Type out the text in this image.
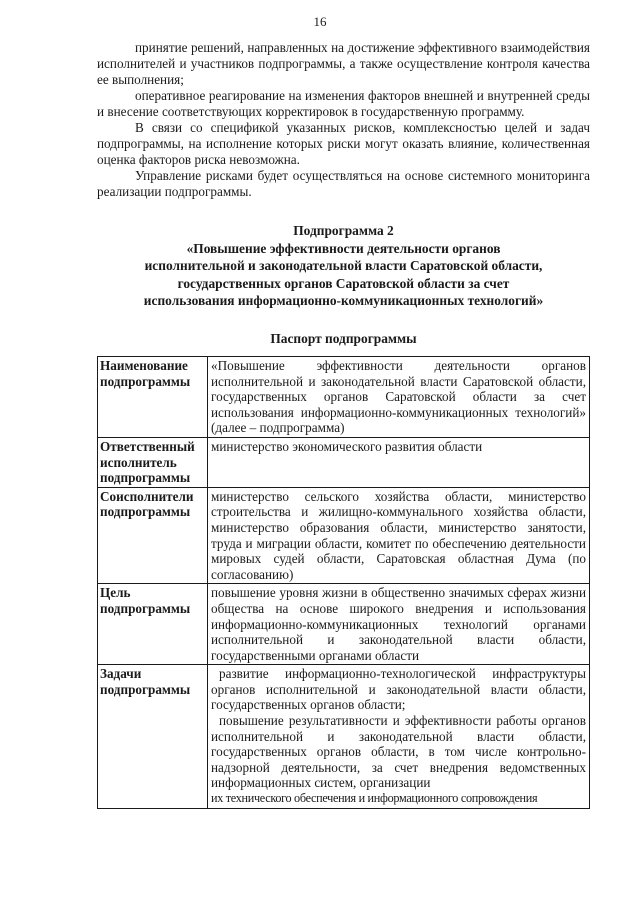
16

принятие решений, направленных на достижение эффективного взаимодействия исполнителей и участников подпрограммы, а также осуществление контроля качества ее выполнения;

оперативное реагирование на изменения факторов внешней и внутренней среды и внесение соответствующих корректировок в государственную программу.

В связи со спецификой указанных рисков, комплексностью целей и задач подпрограммы, на исполнение которых риски могут оказать влияние, количественная оценка факторов риска невозможна.

Управление рисками будет осуществляться на основе системного мониторинга реализации подпрограммы.

Подпрограмма 2

«Повышение эффективности деятельности органов

исполнительной и законодательной власти Саратовской области,

государственных органов Саратовской области за счет

использования информационно-коммуникационных технологий»

Паспорт подпрограммы

Наименование подпрограммы	«Повышение эффективности деятельности органов исполнительной и законодательной власти Саратовской области, государственных органов Саратовской области за счет использования информационно-коммуникационных технологий» (далее – подпрограмма)
Ответственный исполнитель подпрограммы	министерство экономического развития области
Соисполнители подпрограммы	министерство сельского хозяйства области, министерство строительства и жилищно-коммунального хозяйства области, министерство образования области, министерство занятости, труда и миграции области, комитет по обеспечению деятельности мировых судей области, Саратовская областная Дума (по согласованию)
Цель подпрограммы	повышение уровня жизни в общественно значимых сферах жизни общества на основе широкого внедрения и использования информационно-коммуникационных технологий органами исполнительной и законодательной власти области, государственными органами области
Задачи подпрограммы	развитие информационно-технологической инфраструктуры органов исполнительной и законодательной власти области, государственных органов области;

повышение результативности и эффективности работы органов исполнительной и законодательной власти области, государственных органов области, в том числе контрольно-надзорной деятельности, за счет внедрения ведомственных информационных систем, организации

их технического обеспечения и информационного сопровождения
